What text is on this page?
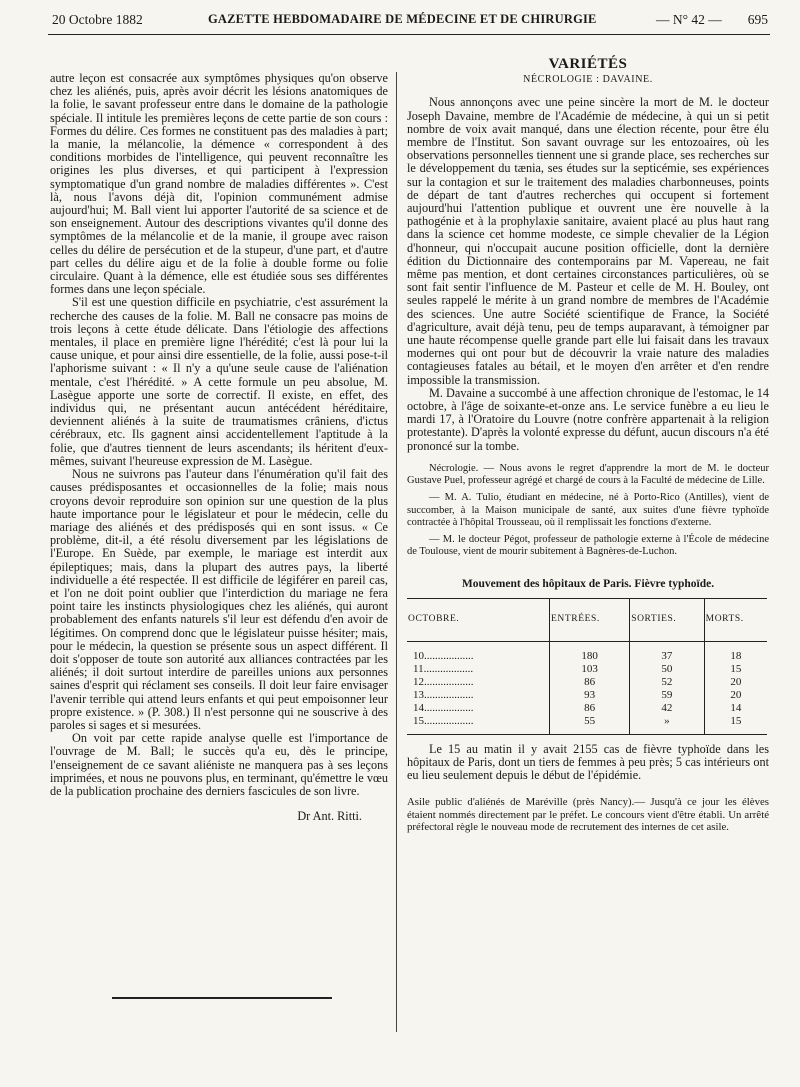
20 Octobre 1882	GAZETTE HEBDOMADAIRE DE MÉDECINE ET DE CHIRURGIE	— N° 42 — 695

autre leçon est consacrée aux symptômes physiques qu'on observe chez les aliénés, puis, après avoir décrit les lésions anatomiques de la folie, le savant professeur entre dans le domaine de la pathologie spéciale. Il intitule les premières leçons de cette partie de son cours : Formes du délire. Ces formes ne constituent pas des maladies à part; la manie, la mélancolie, la démence « correspondent à des conditions morbides de l'intelligence, qui peuvent reconnaître les origines les plus diverses, et qui participent à l'expression symptomatique d'un grand nombre de maladies différentes ». C'est là, nous l'avons déjà dit, l'opinion communément admise aujourd'hui; M. Ball vient lui apporter l'autorité de sa science et de son enseignement. Autour des descriptions vivantes qu'il donne des symptômes de la mélancolie et de la manie, il groupe avec raison celles du délire de persécution et de la stupeur, d'une part, et d'autre part celles du délire aigu et de la folie à double forme ou folie circulaire. Quant à la démence, elle est étudiée sous ses différentes formes dans une leçon spéciale.

S'il est une question difficile en psychiatrie, c'est assurément la recherche des causes de la folie. M. Ball ne consacre pas moins de trois leçons à cette étude délicate. Dans l'étiologie des affections mentales, il place en première ligne l'hérédité; c'est là pour lui la cause unique, et pour ainsi dire essentielle, de la folie, aussi pose-t-il l'aphorisme suivant : « Il n'y a qu'une seule cause de l'aliénation mentale, c'est l'hérédité. » A cette formule un peu absolue, M. Lasègue apporte une sorte de correctif. Il existe, en effet, des individus qui, ne présentant aucun antécédent héréditaire, deviennent aliénés à la suite de traumatismes crâniens, d'ictus cérébraux, etc. Ils gagnent ainsi accidentellement l'aptitude à la folie, que d'autres tiennent de leurs ascendants; ils héritent d'eux-mêmes, suivant l'heureuse expression de M. Lasègue.

Nous ne suivrons pas l'auteur dans l'énumération qu'il fait des causes prédisposantes et occasionnelles de la folie; mais nous croyons devoir reproduire son opinion sur une question de la plus haute importance pour le législateur et pour le médecin, celle du mariage des aliénés et des prédisposés qui en sont issus. « Ce problème, dit-il, a été résolu diversement par les législations de l'Europe. En Suède, par exemple, le mariage est interdit aux épileptiques; mais, dans la plupart des autres pays, la liberté individuelle a été respectée. Il est difficile de légiférer en pareil cas, et l'on ne doit point oublier que l'interdiction du mariage ne fera point taire les instincts physiologiques chez les aliénés, qui auront probablement des enfants naturels s'il leur est défendu d'en avoir de légitimes. On comprend donc que le législateur puisse hésiter; mais, pour le médecin, la question se présente sous un aspect différent. Il doit s'opposer de toute son autorité aux alliances contractées par les aliénés; il doit surtout interdire de pareilles unions aux personnes saines d'esprit qui réclament ses conseils. Il doit leur faire envisager l'avenir terrible qui attend leurs enfants et qui peut empoisonner leur propre existence. » (P. 308.) Il n'est personne qui ne souscrive à des paroles si sages et si mesurées.

On voit par cette rapide analyse quelle est l'importance de l'ouvrage de M. Ball; le succès qu'a eu, dès le principe, l'enseignement de ce savant aliéniste ne manquera pas à ses leçons imprimées, et nous ne pouvons plus, en terminant, qu'émettre le vœu de la publication prochaine des derniers fascicules de son livre.

Dr Ant. Ritti.

VARIÉTÉS

NÉCROLOGIE : DAVAINE.

Nous annonçons avec une peine sincère la mort de M. le docteur Joseph Davaine, membre de l'Académie de médecine, à qui un si petit nombre de voix avait manqué, dans une élection récente, pour être élu membre de l'Institut. Son savant ouvrage sur les entozoaires, où les observations personnelles tiennent une si grande place, ses recherches sur le développement du tænia, ses études sur la septicémie, ses expériences sur la contagion et sur le traitement des maladies charbonneuses, points de départ de tant d'autres recherches qui occupent si fortement aujourd'hui l'attention publique et ouvrent une ère nouvelle à la pathogénie et à la prophylaxie sanitaire, avaient placé au plus haut rang dans la science cet homme modeste, ce simple chevalier de la Légion d'honneur, qui n'occupait aucune position officielle, dont la dernière édition du Dictionnaire des contemporains par M. Vapereau, ne fait même pas mention, et dont certaines circonstances particulières, où se sont fait sentir l'influence de M. Pasteur et celle de M. H. Bouley, ont seules rappelé le mérite à un grand nombre de membres de l'Académie des sciences. Une autre Société scientifique de France, la Société d'agriculture, avait déjà tenu, peu de temps auparavant, à témoigner par une haute récompense quelle grande part elle lui faisait dans les travaux modernes qui ont pour but de découvrir la vraie nature des maladies contagieuses fatales au bétail, et le moyen d'en arrêter et d'en rendre impossible la transmission.

M. Davaine a succombé à une affection chronique de l'estomac, le 14 octobre, à l'âge de soixante-et-onze ans. Le service funèbre a eu lieu le mardi 17, à l'Oratoire du Louvre (notre confrère appartenait à la religion protestante). D'après la volonté expresse du défunt, aucun discours n'a été prononcé sur la tombe.

Nécrologie. — Nous avons le regret d'apprendre la mort de M. le docteur Gustave Puel, professeur agrégé et chargé de cours à la Faculté de médecine de Lille.

— M. A. Tulio, étudiant en médecine, né à Porto-Rico (Antilles), vient de succomber, à la Maison municipale de santé, aux suites d'une fièvre typhoïde contractée à l'hôpital Trousseau, où il remplissait les fonctions d'externe.

— M. le docteur Pégot, professeur de pathologie externe à l'École de médecine de Toulouse, vient de mourir subitement à Bagnères-de-Luchon.

Mouvement des hôpitaux de Paris. Fièvre typhoïde.

OCTOBRE.	ENTRÉES.	SORTIES.	MORTS.
10..................	180	37	18
11..................	103	50	15
12..................	86	52	20
13..................	93	59	20
14..................	86	42	14
15..................	55	»	15

Le 15 au matin il y avait 2155 cas de fièvre typhoïde dans les hôpitaux de Paris, dont un tiers de femmes à peu près; 5 cas intérieurs ont eu lieu seulement depuis le début de l'épidémie.

Asile public d'aliénés de Maréville (près Nancy).— Jusqu'à ce jour les élèves étaient nommés directement par le préfet. Le concours vient d'être établi. Un arrêté préfectoral règle le nouveau mode de recrutement des internes de cet asile.
